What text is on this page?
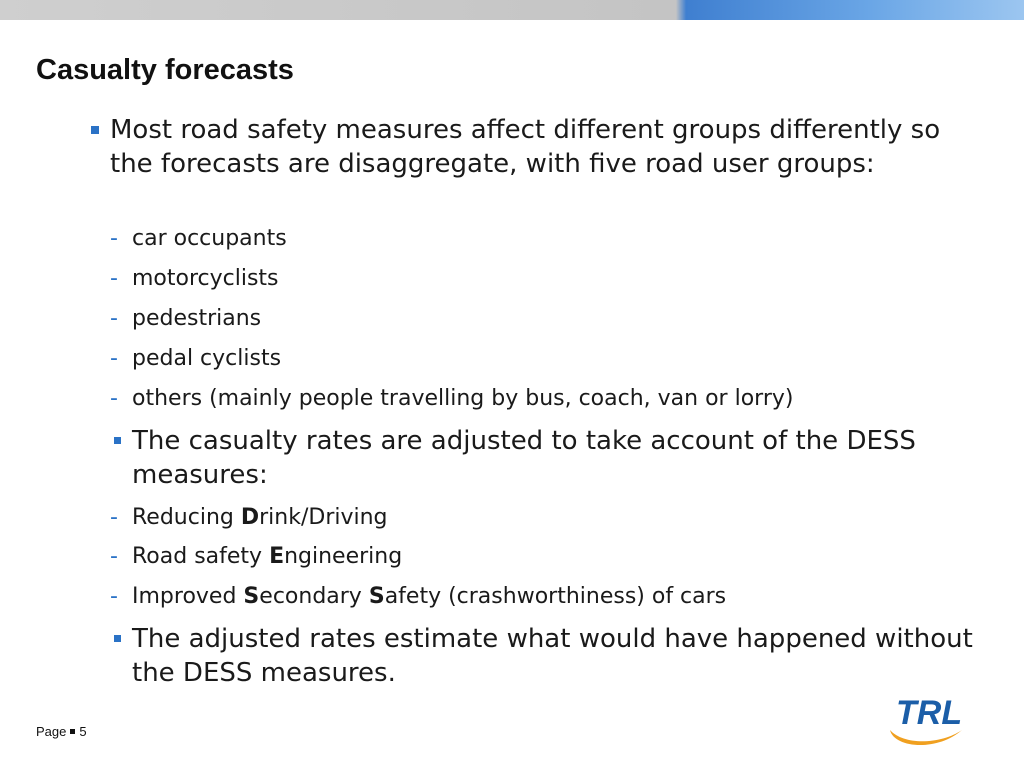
Casualty forecasts
Most road safety measures affect different groups differently so the forecasts are disaggregate, with five road user groups:
- car occupants
- motorcyclists
- pedestrians
- pedal cyclists
- others (mainly people travelling by bus, coach, van or lorry)
The casualty rates are adjusted to take account of the DESS measures:
- Reducing Drink/Driving
- Road safety Engineering
- Improved Secondary Safety (crashworthiness) of cars
The adjusted rates estimate what would have happened without the DESS measures.
Page 5	TRL
